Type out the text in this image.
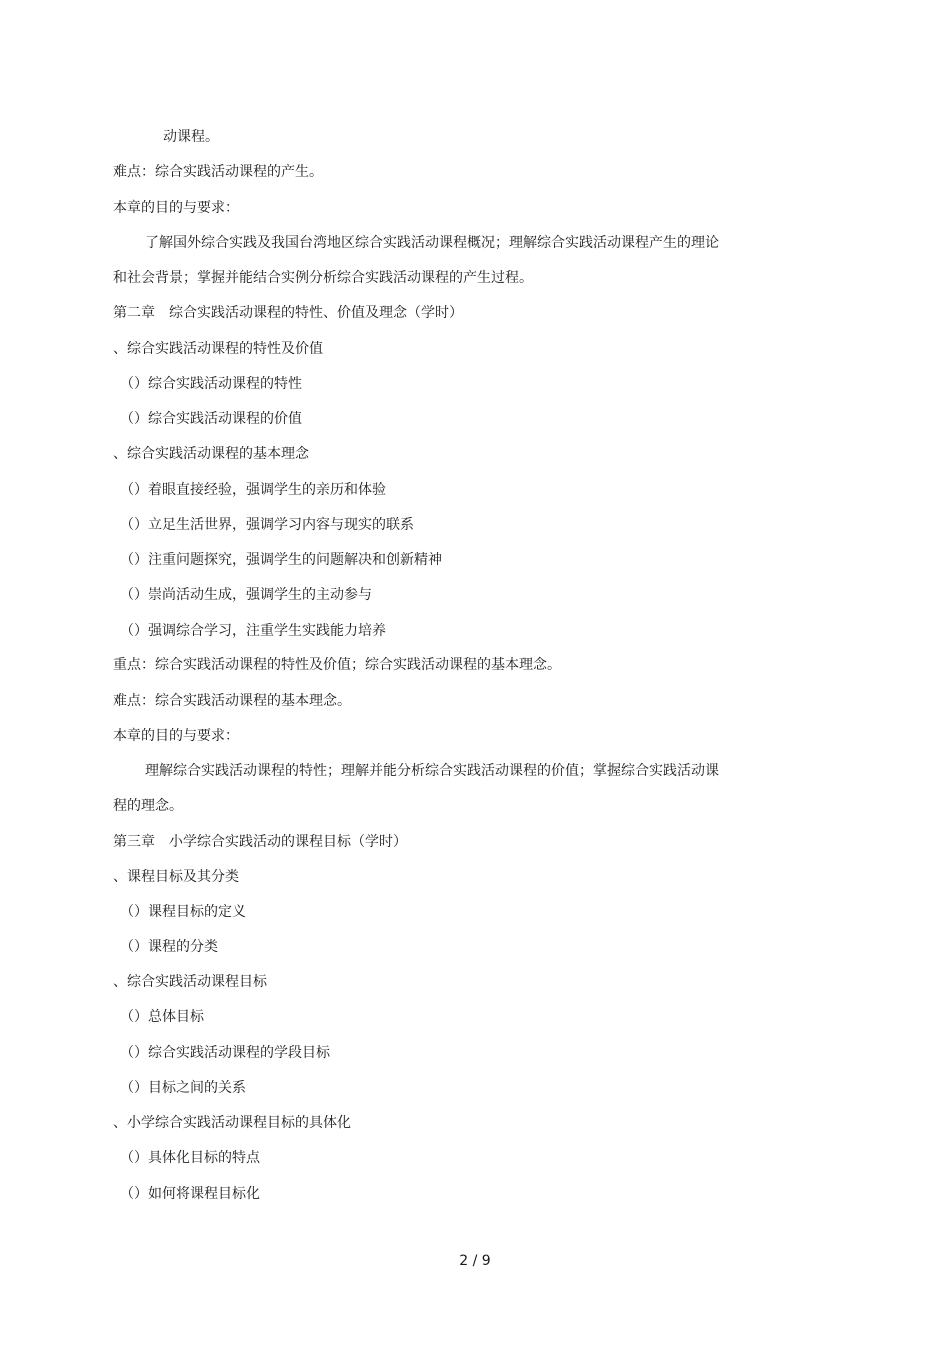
动课程。
难点：综合实践活动课程的产生。
本章的目的与要求：
了解国外综合实践及我国台湾地区综合实践活动课程概况；理解综合实践活动课程产生的理论
和社会背景；掌握并能结合实例分析综合实践活动课程的产生过程。
第二章　综合实践活动课程的特性、价值及理念（学时）
、综合实践活动课程的特性及价值
（）综合实践活动课程的特性
（）综合实践活动课程的价值
、综合实践活动课程的基本理念
（）着眼直接经验，强调学生的亲历和体验
（）立足生活世界，强调学习内容与现实的联系
（）注重问题探究，强调学生的问题解决和创新精神
（）崇尚活动生成，强调学生的主动参与
（）强调综合学习，注重学生实践能力培养
重点：综合实践活动课程的特性及价值；综合实践活动课程的基本理念。
难点：综合实践活动课程的基本理念。
本章的目的与要求：
理解综合实践活动课程的特性；理解并能分析综合实践活动课程的价值；掌握综合实践活动课
程的理念。
第三章　小学综合实践活动的课程目标（学时）
、课程目标及其分类
（）课程目标的定义
（）课程的分类
、综合实践活动课程目标
（）总体目标
（）综合实践活动课程的学段目标
（）目标之间的关系
、小学综合实践活动课程目标的具体化
（）具体化目标的特点
（）如何将课程目标化
2 / 9
